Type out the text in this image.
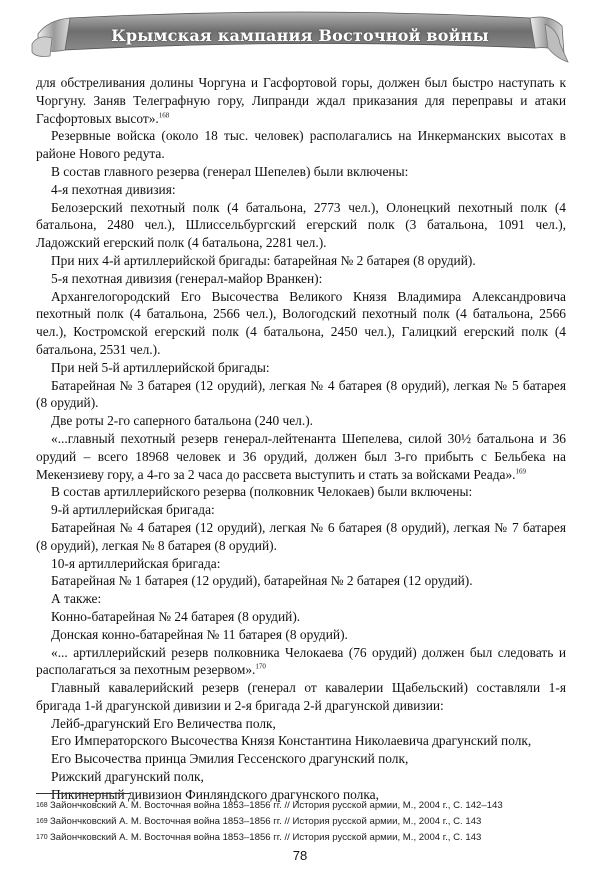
Крымская кампания Восточной войны

для обстреливания долины Чоргуна и Гасфортовой горы, должен был быстро наступать к Чоргуну. Заняв Телеграфную гору, Липранди ждал приказания для переправы и атаки Гасфортовых высот».$^{168}$

Резервные войска (около 18 тыс. человек) располагались на Инкерманских высотах в районе Нового редута.

В состав главного резерва (генерал Шепелев) были включены:

4-я пехотная дивизия:

Белозерский пехотный полк (4 батальона, 2773 чел.), Олонецкий пехотный полк (4 батальона, 2480 чел.), Шлиссельбургский егерский полк (3 батальона, 1091 чел.), Ладожский егерский полк (4 батальона, 2281 чел.).

При них 4-й артиллерийской бригады: батарейная № 2 батарея (8 орудий).

5-я пехотная дивизия (генерал-майор Вранкен):

Архангелогородский Его Высочества Великого Князя Владимира Александровича пехотный полк (4 батальона, 2566 чел.), Вологодский пехотный полк (4 батальона, 2566 чел.), Костромской егерский полк (4 батальона, 2450 чел.), Галицкий егерский полк (4 батальона, 2531 чел.).

При ней 5-й артиллерийской бригады:

Батарейная № 3 батарея (12 орудий), легкая № 4 батарея (8 орудий), легкая № 5 батарея (8 орудий).

Две роты 2-го саперного батальона (240 чел.).

«...главный пехотный резерв генерал-лейтенанта Шепелева, силой 30½ батальона и 36 орудий – всего 18968 человек и 36 орудий, должен был 3-го прибыть с Бельбека на Мекензиеву гору, а 4-го за 2 часа до рассвета выступить и стать за войсками Реада».$^{169}$

В состав артиллерийского резерва (полковник Челокаев) были включены:

9-й артиллерийская бригада:

Батарейная № 4 батарея (12 орудий), легкая № 6 батарея (8 орудий), легкая № 7 батарея (8 орудий), легкая № 8 батарея (8 орудий).

10-я артиллерийская бригада:

Батарейная № 1 батарея (12 орудий), батарейная № 2 батарея (12 орудий).

А также:

Конно-батарейная № 24 батарея (8 орудий).

Донская конно-батарейная № 11 батарея (8 орудий).

«... артиллерийский резерв полковника Челокаева (76 орудий) должен был следовать и располагаться за пехотным резервом».$^{170}$

Главный кавалерийский резерв (генерал от кавалерии Щабельский) составляли 1-я бригада 1-й драгунской дивизии и 2-я бригада 2-й драгунской дивизии:

Лейб-драгунский Его Величества полк,

Его Императорского Высочества Князя Константина Николаевича драгунский полк,

Его Высочества принца Эмилия Гессенского драгунский полк,

Рижский драгунский полк,

Пикинерный дивизион Финляндского драгунского полка,

168 Зайончковский А. М. Восточная война 1853–1856 гг. // История русской армии, М., 2004 г., С. 142–143
169 Зайончковский А. М. Восточная война 1853–1856 гг. // История русской армии, М., 2004 г., С. 143
170 Зайончковский А. М. Восточная война 1853–1856 гг. // История русской армии, М., 2004 г., С. 143
78
